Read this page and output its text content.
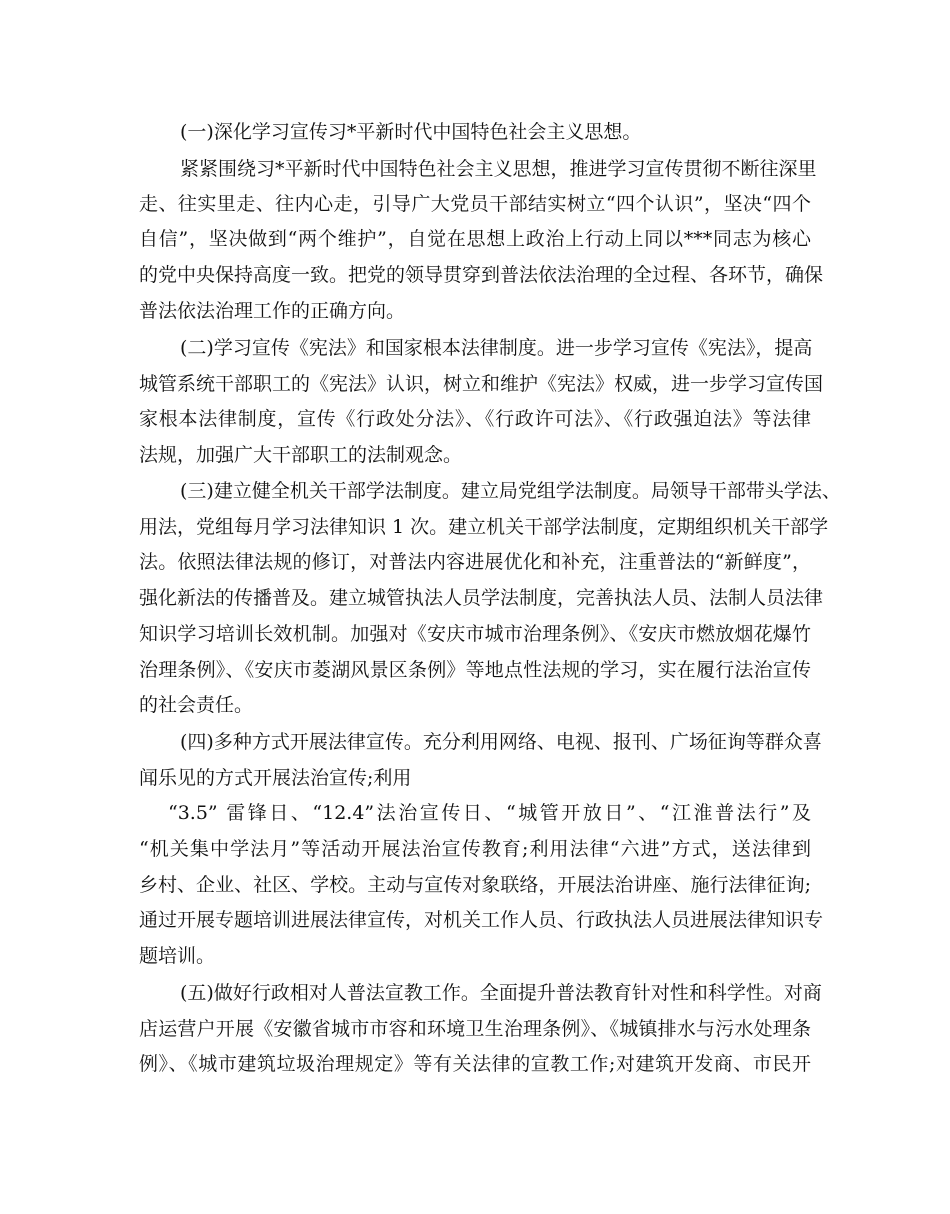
(一)深化学习宣传习*平新时代中国特色社会主义思想。
紧紧围绕习*平新时代中国特色社会主义思想，推进学习宣传贯彻不断往深里
走、往实里走、往内心走，引导广大党员干部结实树立“四个认识”，坚决“四个
自信”，坚决做到“两个维护”，自觉在思想上政治上行动上同以***同志为核心
的党中央保持高度一致。把党的领导贯穿到普法依法治理的全过程、各环节，确保
普法依法治理工作的正确方向。
(二)学习宣传《宪法》和国家根本法律制度。进一步学习宣传《宪法》，提高
城管系统干部职工的《宪法》认识，树立和维护《宪法》权威，进一步学习宣传国
家根本法律制度，宣传《行政处分法》、《行政许可法》、《行政强迫法》等法律
法规，加强广大干部职工的法制观念。
(三)建立健全机关干部学法制度。建立局党组学法制度。局领导干部带头学法、
用法，党组每月学习法律知识 1 次。建立机关干部学法制度，定期组织机关干部学
法。依照法律法规的修订，对普法内容进展优化和补充，注重普法的“新鲜度”，
强化新法的传播普及。建立城管执法人员学法制度，完善执法人员、法制人员法律
知识学习培训长效机制。加强对《安庆市城市治理条例》、《安庆市燃放烟花爆竹
治理条例》、《安庆市菱湖风景区条例》等地点性法规的学习，实在履行法治宣传
的社会责任。
(四)多种方式开展法律宣传。充分利用网络、电视、报刊、广场征询等群众喜
闻乐见的方式开展法治宣传;利用
“3.5” 雷锋日、“12.4”法治宣传日、“城管开放日”、“江淮普法行”及
“机关集中学法月”等活动开展法治宣传教育;利用法律“六进”方式，送法律到
乡村、企业、社区、学校。主动与宣传对象联络，开展法治讲座、施行法律征询;
通过开展专题培训进展法律宣传，对机关工作人员、行政执法人员进展法律知识专
题培训。
(五)做好行政相对人普法宣教工作。全面提升普法教育针对性和科学性。对商
店运营户开展《安徽省城市市容和环境卫生治理条例》、《城镇排水与污水处理条
例》、《城市建筑垃圾治理规定》等有关法律的宣教工作;对建筑开发商、市民开
